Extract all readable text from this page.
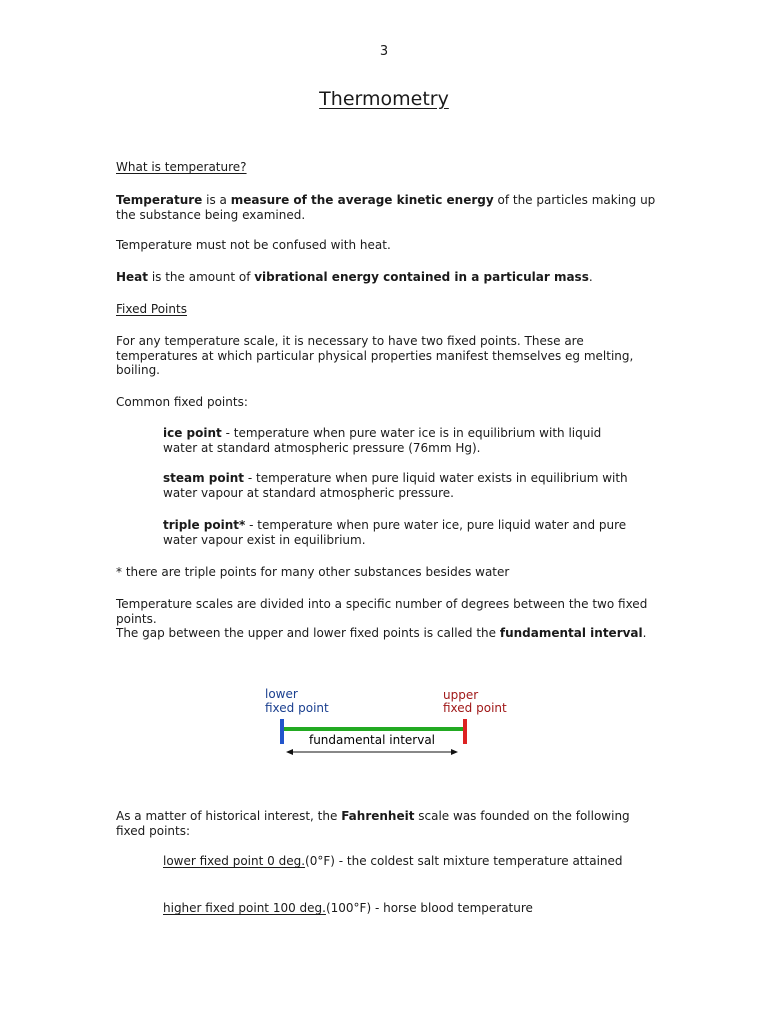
3
Thermometry

What is temperature?

Temperature is a measure of the average kinetic energy of the particles making up the substance being examined.

Temperature must not be confused with heat.

Heat is the amount of vibrational energy contained in a particular mass.

Fixed Points

For any temperature scale, it is necessary to have two fixed points. These are temperatures at which particular physical properties manifest themselves eg melting, boiling.

Common fixed points:

ice point - temperature when pure water ice is in equilibrium with liquid water at standard atmospheric pressure (76mm Hg).

steam point - temperature when pure liquid water exists in equilibrium with water vapour at standard atmospheric pressure.

triple point* - temperature when pure water ice, pure liquid water and pure water vapour exist in equilibrium.

* there are triple points for many other substances besides water

Temperature scales are divided into a specific number of degrees between the two fixed points.
The gap between the upper and lower fixed points is called the fundamental interval.

lower
fixed point
upper
fixed point
fundamental interval

As a matter of historical interest, the Fahrenheit scale was founded on the following fixed points:

lower fixed point 0 deg.(0°F) - the coldest salt mixture temperature attained

higher fixed point 100 deg.(100°F) - horse blood temperature
